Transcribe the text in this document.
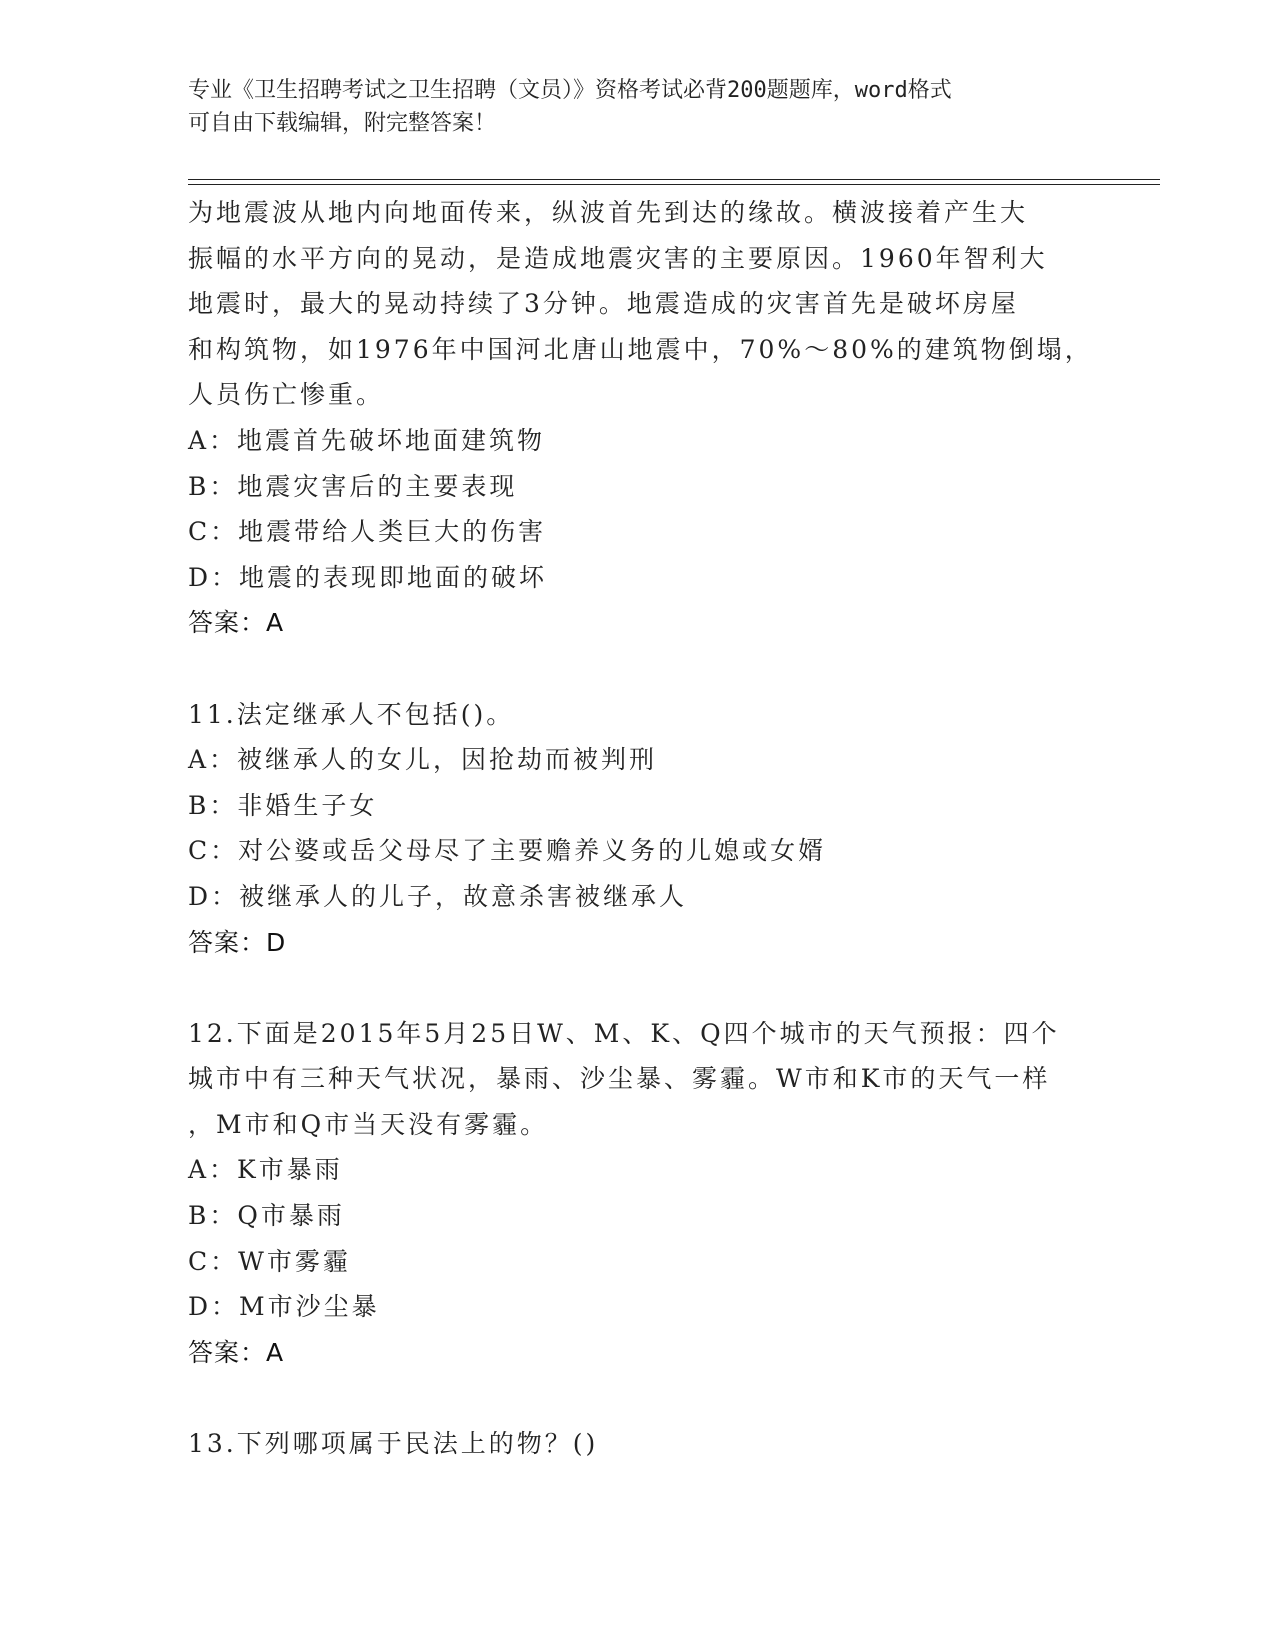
专业《卫生招聘考试之卫生招聘（文员）》资格考试必背200题题库，word格式
可自由下载编辑，附完整答案！
为地震波从地内向地面传来，纵波首先到达的缘故。横波接着产生大
振幅的水平方向的晃动，是造成地震灾害的主要原因。1960年智利大
地震时，最大的晃动持续了3分钟。地震造成的灾害首先是破坏房屋
和构筑物，如1976年中国河北唐山地震中，70%～80%的建筑物倒塌，
人员伤亡惨重。
A：地震首先破坏地面建筑物
B：地震灾害后的主要表现
C：地震带给人类巨大的伤害
D：地震的表现即地面的破坏
答案：A
11.法定继承人不包括()。
A：被继承人的女儿，因抢劫而被判刑
B：非婚生子女
C：对公婆或岳父母尽了主要赡养义务的儿媳或女婿
D：被继承人的儿子，故意杀害被继承人
答案：D
12.下面是2015年5月25日W、M、K、Q四个城市的天气预报：四个
城市中有三种天气状况，暴雨、沙尘暴、雾霾。W市和K市的天气一样
，M市和Q市当天没有雾霾。
A：K市暴雨
B：Q市暴雨
C：W市雾霾
D：M市沙尘暴
答案：A
13.下列哪项属于民法上的物？()
